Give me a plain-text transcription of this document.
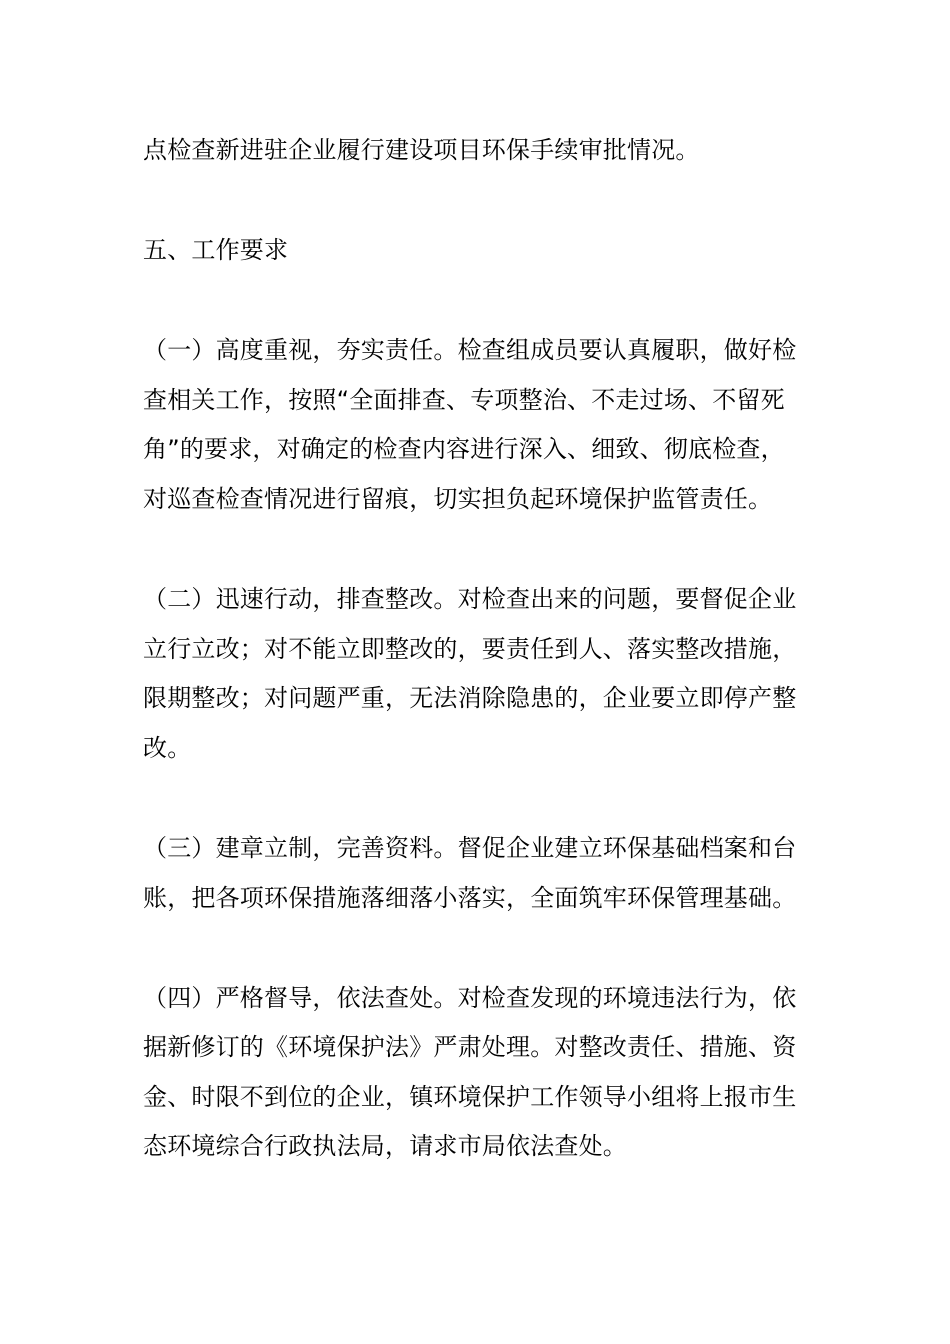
点检查新进驻企业履行建设项目环保手续审批情况。
五、工作要求
（一）高度重视，夯实责任。检查组成员要认真履职，做好检
查相关工作，按照“全面排查、专项整治、不走过场、不留死
角”的要求，对确定的检查内容进行深入、细致、彻底检查，
对巡查检查情况进行留痕，切实担负起环境保护监管责任。
（二）迅速行动，排查整改。对检查出来的问题，要督促企业
立行立改；对不能立即整改的，要责任到人、落实整改措施，
限期整改；对问题严重，无法消除隐患的，企业要立即停产整
改。
（三）建章立制，完善资料。督促企业建立环保基础档案和台
账，把各项环保措施落细落小落实，全面筑牢环保管理基础。
（四）严格督导，依法查处。对检查发现的环境违法行为，依
据新修订的《环境保护法》严肃处理。对整改责任、措施、资
金、时限不到位的企业，镇环境保护工作领导小组将上报市生
态环境综合行政执法局，请求市局依法查处。
